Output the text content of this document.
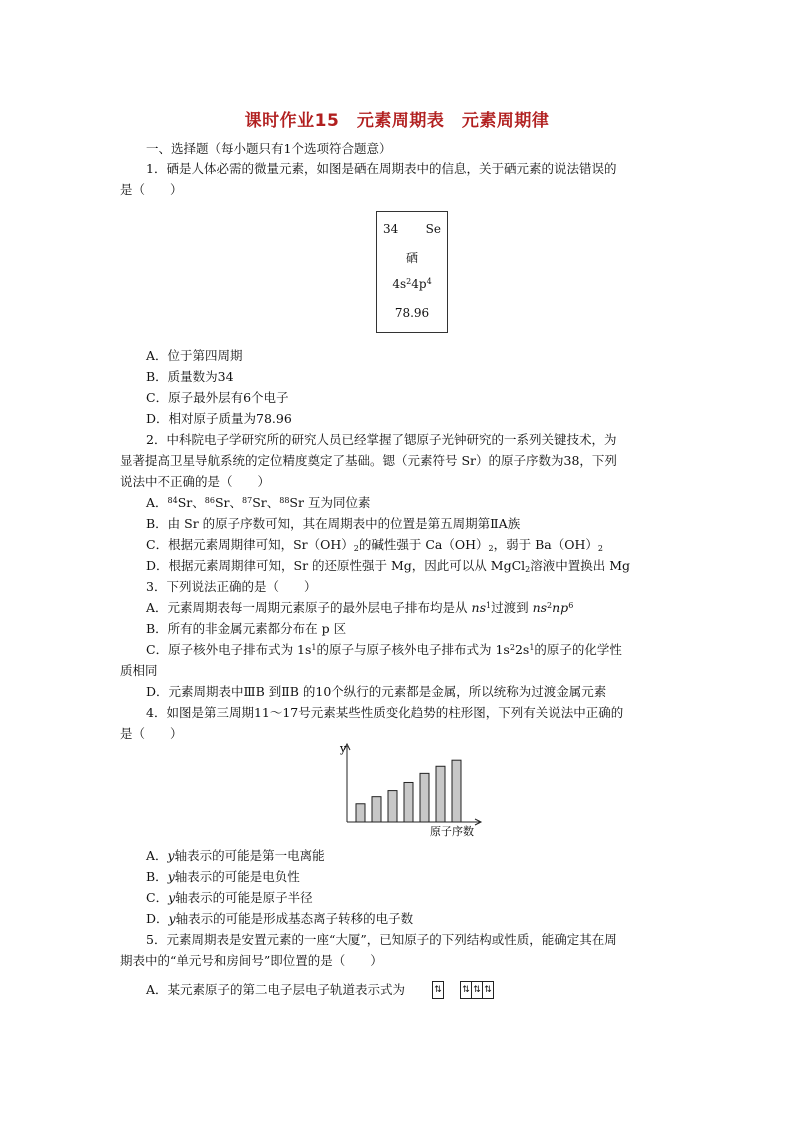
课时作业15　元素周期表　元素周期律
一、选择题（每小题只有1个选项符合题意）
1．硒是人体必需的微量元素，如图是硒在周期表中的信息，关于硒元素的说法错误的
是（　　）
34 Se
硒
$4s^24p^4$
78.96
A．位于第四周期
B．质量数为34
C．原子最外层有6个电子
D．相对原子质量为78.96
2．中科院电子学研究所的研究人员已经掌握了锶原子光钟研究的一系列关键技术，为
显著提高卫星导航系统的定位精度奠定了基础。锶（元素符号 Sr）的原子序数为38，下列
说法中不正确的是（　　）
A．$^{84}$Sr、$^{86}$Sr、$^{87}$Sr、$^{88}$Sr 互为同位素
B．由 Sr 的原子序数可知，其在周期表中的位置是第五周期第ⅡA族
C．根据元素周期律可知，$Sr(OH)_2$的碱性强于 $Ca(OH)_2$，弱于 $Ba(OH)_2$
D．根据元素周期律可知，Sr 的还原性强于 Mg，因此可以从 MgCl$_2$溶液中置换出 Mg
3．下列说法正确的是（　　）
A．元素周期表每一周期元素原子的最外层电子排布均是从 $ns^1$过渡到 $ns^2np^6$
B．所有的非金属元素都分布在 p 区
C．原子核外电子排布式为 $1s^1$的原子与原子核外电子排布式为 $1s^22s^1$的原子的化学性
质相同
D．元素周期表中ⅢB 到ⅡB 的10个纵行的元素都是金属，所以统称为过渡金属元素
4．如图是第三周期11～17号元素某些性质变化趋势的柱形图，下列有关说法中正确的
是（　　）
y
原子序数
A．y轴表示的可能是第一电离能
B．y轴表示的可能是电负性
C．y轴表示的可能是原子半径
D．y轴表示的可能是形成基态离子转移的电子数
5．元素周期表是安置元素的一座“大厦”，已知原子的下列结构或性质，能确定其在周
期表中的“单元号和房间号”即位置的是（　　）
A．某元素原子的第二电子层电子轨道表示式为	⇅ ⇅ ⇅ ⇅
